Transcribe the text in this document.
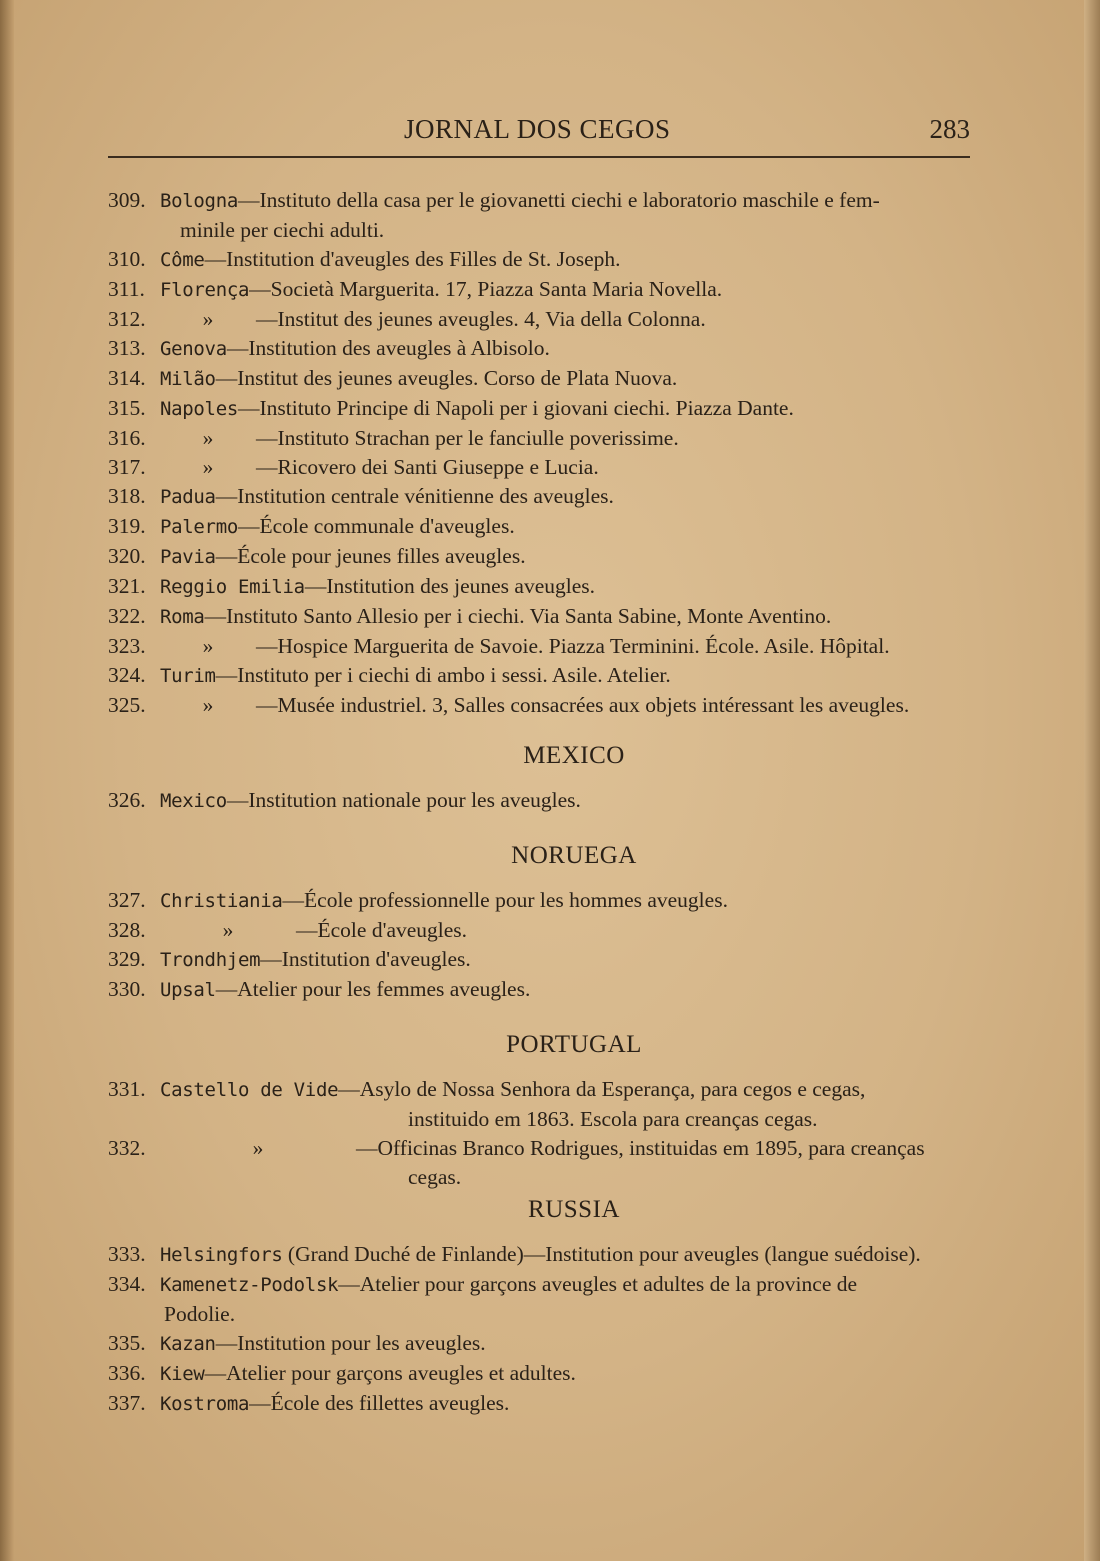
JORNAL DOS CEGOS	283
309. Bologna—Instituto della casa per le giovanetti ciechi e laboratorio maschile e fem-
minile per ciechi adulti.
310. Côme—Institution d'aveugles des Filles de St. Joseph.
311. Florença—Società Marguerita. 17, Piazza Santa Maria Novella.
312.	» —Institut des jeunes aveugles. 4, Via della Colonna.
313. Genova—Institution des aveugles à Albisolo.
314. Milão—Institut des jeunes aveugles. Corso de Plata Nuova.
315. Napoles—Instituto Principe di Napoli per i giovani ciechi. Piazza Dante.
316.	» —Instituto Strachan per le fanciulle poverissime.
317.	» —Ricovero dei Santi Giuseppe e Lucia.
318. Padua—Institution centrale vénitienne des aveugles.
319. Palermo—École communale d'aveugles.
320. Pavia—École pour jeunes filles aveugles.
321. Reggio Emilia—Institution des jeunes aveugles.
322. Roma—Instituto Santo Allesio per i ciechi. Via Santa Sabine, Monte Aventino.
323.	» —Hospice Marguerita de Savoie. Piazza Terminini. École. Asile. Hôpital.
324. Turim—Instituto per i ciechi di ambo i sessi. Asile. Atelier.
325.	» —Musée industriel. 3, Salles consacrées aux objets intéressant les aveugles.
MEXICO
326. Mexico—Institution nationale pour les aveugles.
NORUEGA
327. Christiania—École professionnelle pour les hommes aveugles.
328.	»	—École d'aveugles.
329. Trondhjem—Institution d'aveugles.
330. Upsal—Atelier pour les femmes aveugles.
PORTUGAL
331. Castello de Vide—Asylo de Nossa Senhora da Esperança, para cegos e cegas,
instituido em 1863. Escola para creanças cegas.
332.	»	—Officinas Branco Rodrigues, instituidas em 1895, para creanças
cegas.
RUSSIA
333. Helsingfors (Grand Duché de Finlande)—Institution pour aveugles (langue suédoise).
334. Kamenetz-Podolsk—Atelier pour garçons aveugles et adultes de la province de
Podolie.
335. Kazan—Institution pour les aveugles.
336. Kiew—Atelier pour garçons aveugles et adultes.
337. Kostroma—École des fillettes aveugles.
